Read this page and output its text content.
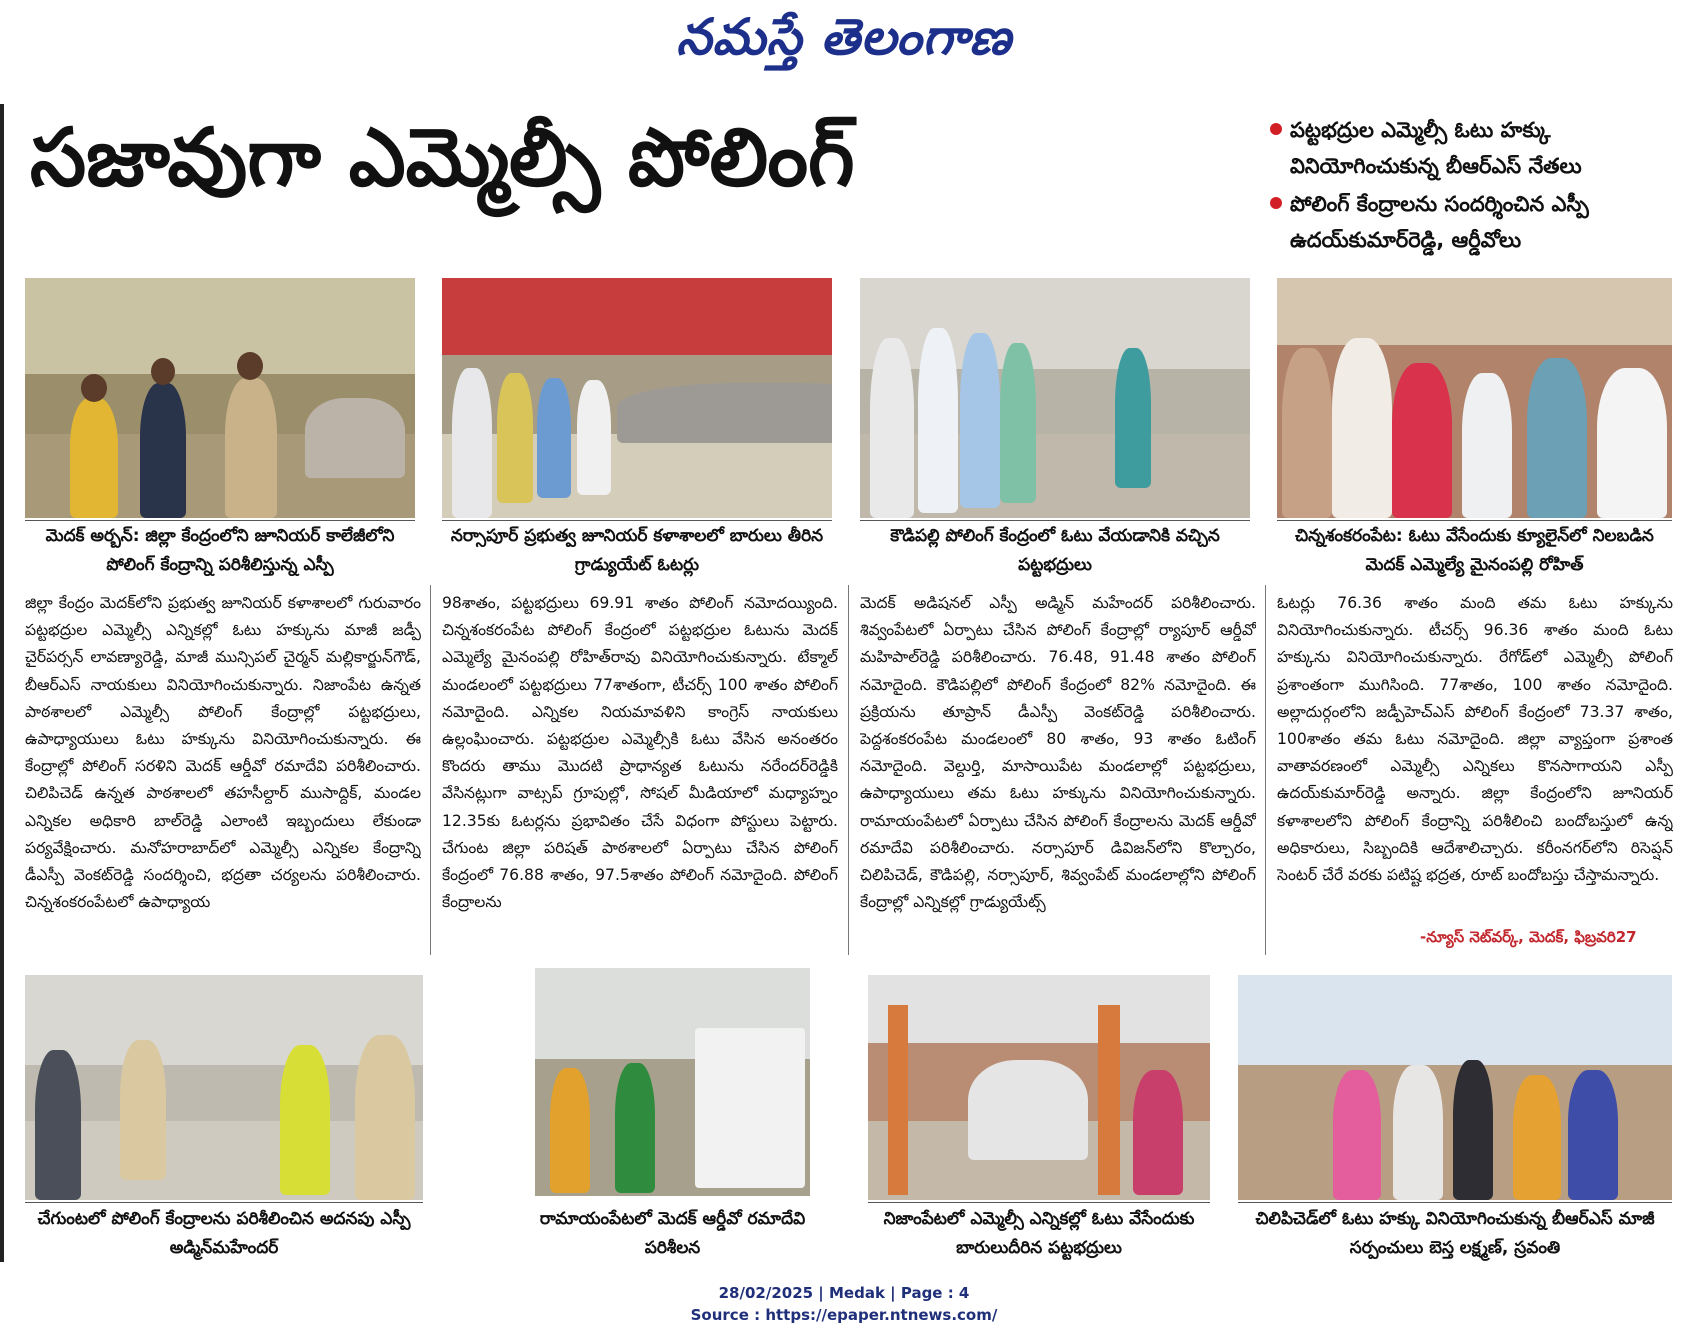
నమస్తే తెలంగాణ
సజావుగా ఎమ్మెల్సీ పోలింగ్	పట్టభద్రుల ఎమ్మెల్సీ ఓటు హక్కు వినియోగించుకున్న బీఆర్ఎస్ నేతలు
పోలింగ్ కేంద్రాలను సందర్శించిన ఎస్పీ ఉదయ్‌కుమార్‌రెడ్డి, ఆర్డీవోలు
మెదక్ అర్బన్: జిల్లా కేంద్రంలోని జూనియర్ కాలేజీలోని పోలింగ్ కేంద్రాన్ని పరిశీలిస్తున్న ఎస్పీ
నర్సాపూర్ ప్రభుత్వ జూనియర్ కళాశాలలో బారులు తీరిన గ్రాడ్యుయేట్ ఓటర్లు
కౌడిపల్లి పోలింగ్ కేంద్రంలో ఓటు వేయడానికి వచ్చిన పట్టభద్రులు
చిన్నశంకరంపేట: ఓటు వేసేందుకు క్యూలైన్‌లో నిలబడిన మెదక్ ఎమ్మెల్యే మైనంపల్లి రోహిత్

జిల్లా కేంద్రం మెదక్‌లోని ప్రభుత్వ జూనియర్ కళాశాలలో గురువారం పట్టభద్రుల ఎమ్మెల్సీ ఎన్నికల్లో ఓటు హక్కును మాజీ జడ్పీ చైర్‌పర్సన్ లావణ్యారెడ్డి, మాజీ మున్సిపల్ చైర్మన్ మల్లికార్జున్‌గౌడ్, బీఆర్ఎస్ నాయకులు వినియోగించుకున్నారు. నిజాంపేట ఉన్నత పాఠశాలలో ఎమ్మెల్సీ పోలింగ్ కేంద్రాల్లో పట్టభద్రులు, ఉపాధ్యాయులు ఓటు హక్కును వినియోగించుకున్నారు. ఈ కేంద్రాల్లో పోలింగ్ సరళిని మెదక్ ఆర్డీవో రమాదేవి పరిశీలించారు. చిలిపిచెడ్ ఉన్నత పాఠశాలలో తహసీల్దార్ ముసాద్దిక్, మండల ఎన్నికల అధికారి బాల్‌రెడ్డి ఎలాంటి ఇబ్బందులు లేకుండా పర్యవేక్షించారు. మనోహరాబాద్‌లో ఎమ్మెల్సీ ఎన్నికల కేంద్రాన్ని డీఎస్పీ వెంకట్‌రెడ్డి సందర్శించి, భద్రతా చర్యలను పరిశీలించారు. చిన్నశంకరంపేటలో ఉపాధ్యాయ

98శాతం, పట్టభద్రులు 69.91 శాతం పోలింగ్ నమోదయ్యింది. చిన్నశంకరంపేట పోలింగ్ కేంద్రంలో పట్టభద్రుల ఓటును మెదక్ ఎమ్మెల్యే మైనంపల్లి రోహిత్‌రావు వినియోగించుకున్నారు. టేక్మాల్ మండలంలో పట్టభద్రులు 77శాతంగా, టీచర్స్ 100 శాతం పోలింగ్ నమోదైంది. ఎన్నికల నియమావళిని కాంగ్రెస్ నాయకులు ఉల్లంఘించారు. పట్టభద్రుల ఎమ్మెల్సీకి ఓటు వేసిన అనంతరం కొందరు తాము మొదటి ప్రాధాన్యత ఓటును నరేందర్‌రెడ్డికి వేసినట్లుగా వాట్సప్ గ్రూపుల్లో, సోషల్ మీడియాలో మధ్యాహ్నం 12.35కు ఓటర్లను ప్రభావితం చేసే విధంగా పోస్టులు పెట్టారు. చేగుంట జిల్లా పరిషత్ పాఠశాలలో ఏర్పాటు చేసిన పోలింగ్ కేంద్రంలో 76.88 శాతం, 97.5శాతం పోలింగ్ నమోదైంది. పోలింగ్ కేంద్రాలను

మెదక్ అడిషనల్ ఎస్పీ అడ్మిన్ మహేందర్ పరిశీలించారు. శివ్వంపేటలో ఏర్పాటు చేసిన పోలింగ్ కేంద్రాల్లో ర్యాపూర్ ఆర్డీవో మహిపాల్‌రెడ్డి పరిశీలించారు. 76.48, 91.48 శాతం పోలింగ్ నమోదైంది. కౌడిపల్లిలో పోలింగ్ కేంద్రంలో 82% నమోదైంది. ఈ ప్రక్రియను తూప్రాన్ డీఎస్పీ వెంకట్‌రెడ్డి పరిశీలించారు. పెద్దశంకరంపేట మండలంలో 80 శాతం, 93 శాతం ఓటింగ్ నమోదైంది. వెల్దుర్తి, మాసాయిపేట మండలాల్లో పట్టభద్రులు, ఉపాధ్యాయులు తమ ఓటు హక్కును వినియోగించుకున్నారు. రామాయంపేటలో ఏర్పాటు చేసిన పోలింగ్ కేంద్రాలను మెదక్ ఆర్డీవో రమాదేవి పరిశీలించారు. నర్సాపూర్ డివిజన్‌లోని కొల్చారం, చిలిపిచెడ్, కౌడిపల్లి, నర్సాపూర్, శివ్వంపేట్ మండలాల్లోని పోలింగ్ కేంద్రాల్లో ఎన్నికల్లో గ్రాడ్యుయేట్స్

ఓటర్లు 76.36 శాతం మంది తమ ఓటు హక్కును వినియోగించుకున్నారు. టీచర్స్ 96.36 శాతం మంది ఓటు హక్కును వినియోగించుకున్నారు. రేగోడ్‌లో ఎమ్మెల్సీ పోలింగ్ ప్రశాంతంగా ముగిసింది. 77శాతం, 100 శాతం నమోదైంది. అల్లాదుర్గంలోని జడ్పీహెచ్ఎస్ పోలింగ్ కేంద్రంలో 73.37 శాతం, 100శాతం తమ ఓటు నమోదైంది. జిల్లా వ్యాప్తంగా ప్రశాంత వాతావరణంలో ఎమ్మెల్సీ ఎన్నికలు కొనసాగాయని ఎస్పీ ఉదయ్‌కుమార్‌రెడ్డి అన్నారు. జిల్లా కేంద్రంలోని జూనియర్ కళాశాలలోని పోలింగ్ కేంద్రాన్ని పరిశీలించి బందోబస్తులో ఉన్న అధికారులు, సిబ్బందికి ఆదేశాలిచ్చారు. కరీంనగర్‌లోని రిసెప్షన్ సెంటర్ చేరే వరకు పటిష్ట భద్రత, రూట్ బందోబస్తు చేస్తామన్నారు.

-న్యూస్ నెట్‌వర్క్, మెదక్, ఫిబ్రవరి27
చేగుంటలో పోలింగ్ కేంద్రాలను పరిశీలించిన అదనపు ఎస్పీ అడ్మిన్‌మహేందర్
రామాయంపేటలో మెదక్ ఆర్డీవో రమాదేవి పరిశీలన
నిజాంపేటలో ఎమ్మెల్సీ ఎన్నికల్లో ఓటు వేసేందుకు బారులుదీరిన పట్టభద్రులు
చిలిపిచెడ్‌లో ఓటు హక్కు వినియోగించుకున్న బీఆర్ఎస్ మాజీ సర్పంచులు బెస్త లక్ష్మణ్, స్రవంతి
28/02/2025 | Medak | Page : 4
Source : https://epaper.ntnews.com/
